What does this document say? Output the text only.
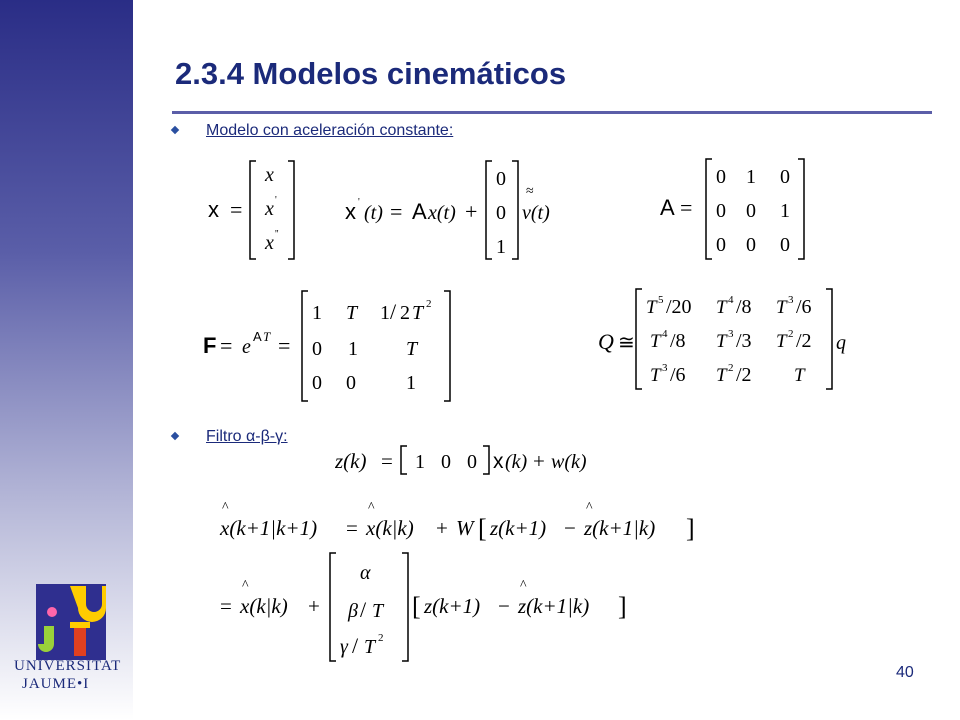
2.3.4 Modelos cinemáticos
Modelo con aceleración constante:
x =
x
x '
x ''
x ' (t) = A x(t) +
0
0
1
≈
v(t)	A =
0 1 0
0 0 1
0 0 0
F = e A T =
1 T 1 / 2 T 2
0 1 T
0 0	1
Q ≅
T 5 /20 T 4 /8 T 3 /6
T 4 /8 T 3 /3 T 2 /2
T 3 /6 T 2 /2 T
q
Filtro α-β-γ:
z(k) = 1 0 0 x (k) + w(k)
^
x(k+1|k+1) =
^
x(k|k) + W [ z(k+1) −
^
z(k+1|k) ]
=
^
x(k|k) +
α
β / T
γ / T 2
[ z(k+1) −
^
z(k+1|k) ]
UNIVERSITAT
JAUME•I
40
